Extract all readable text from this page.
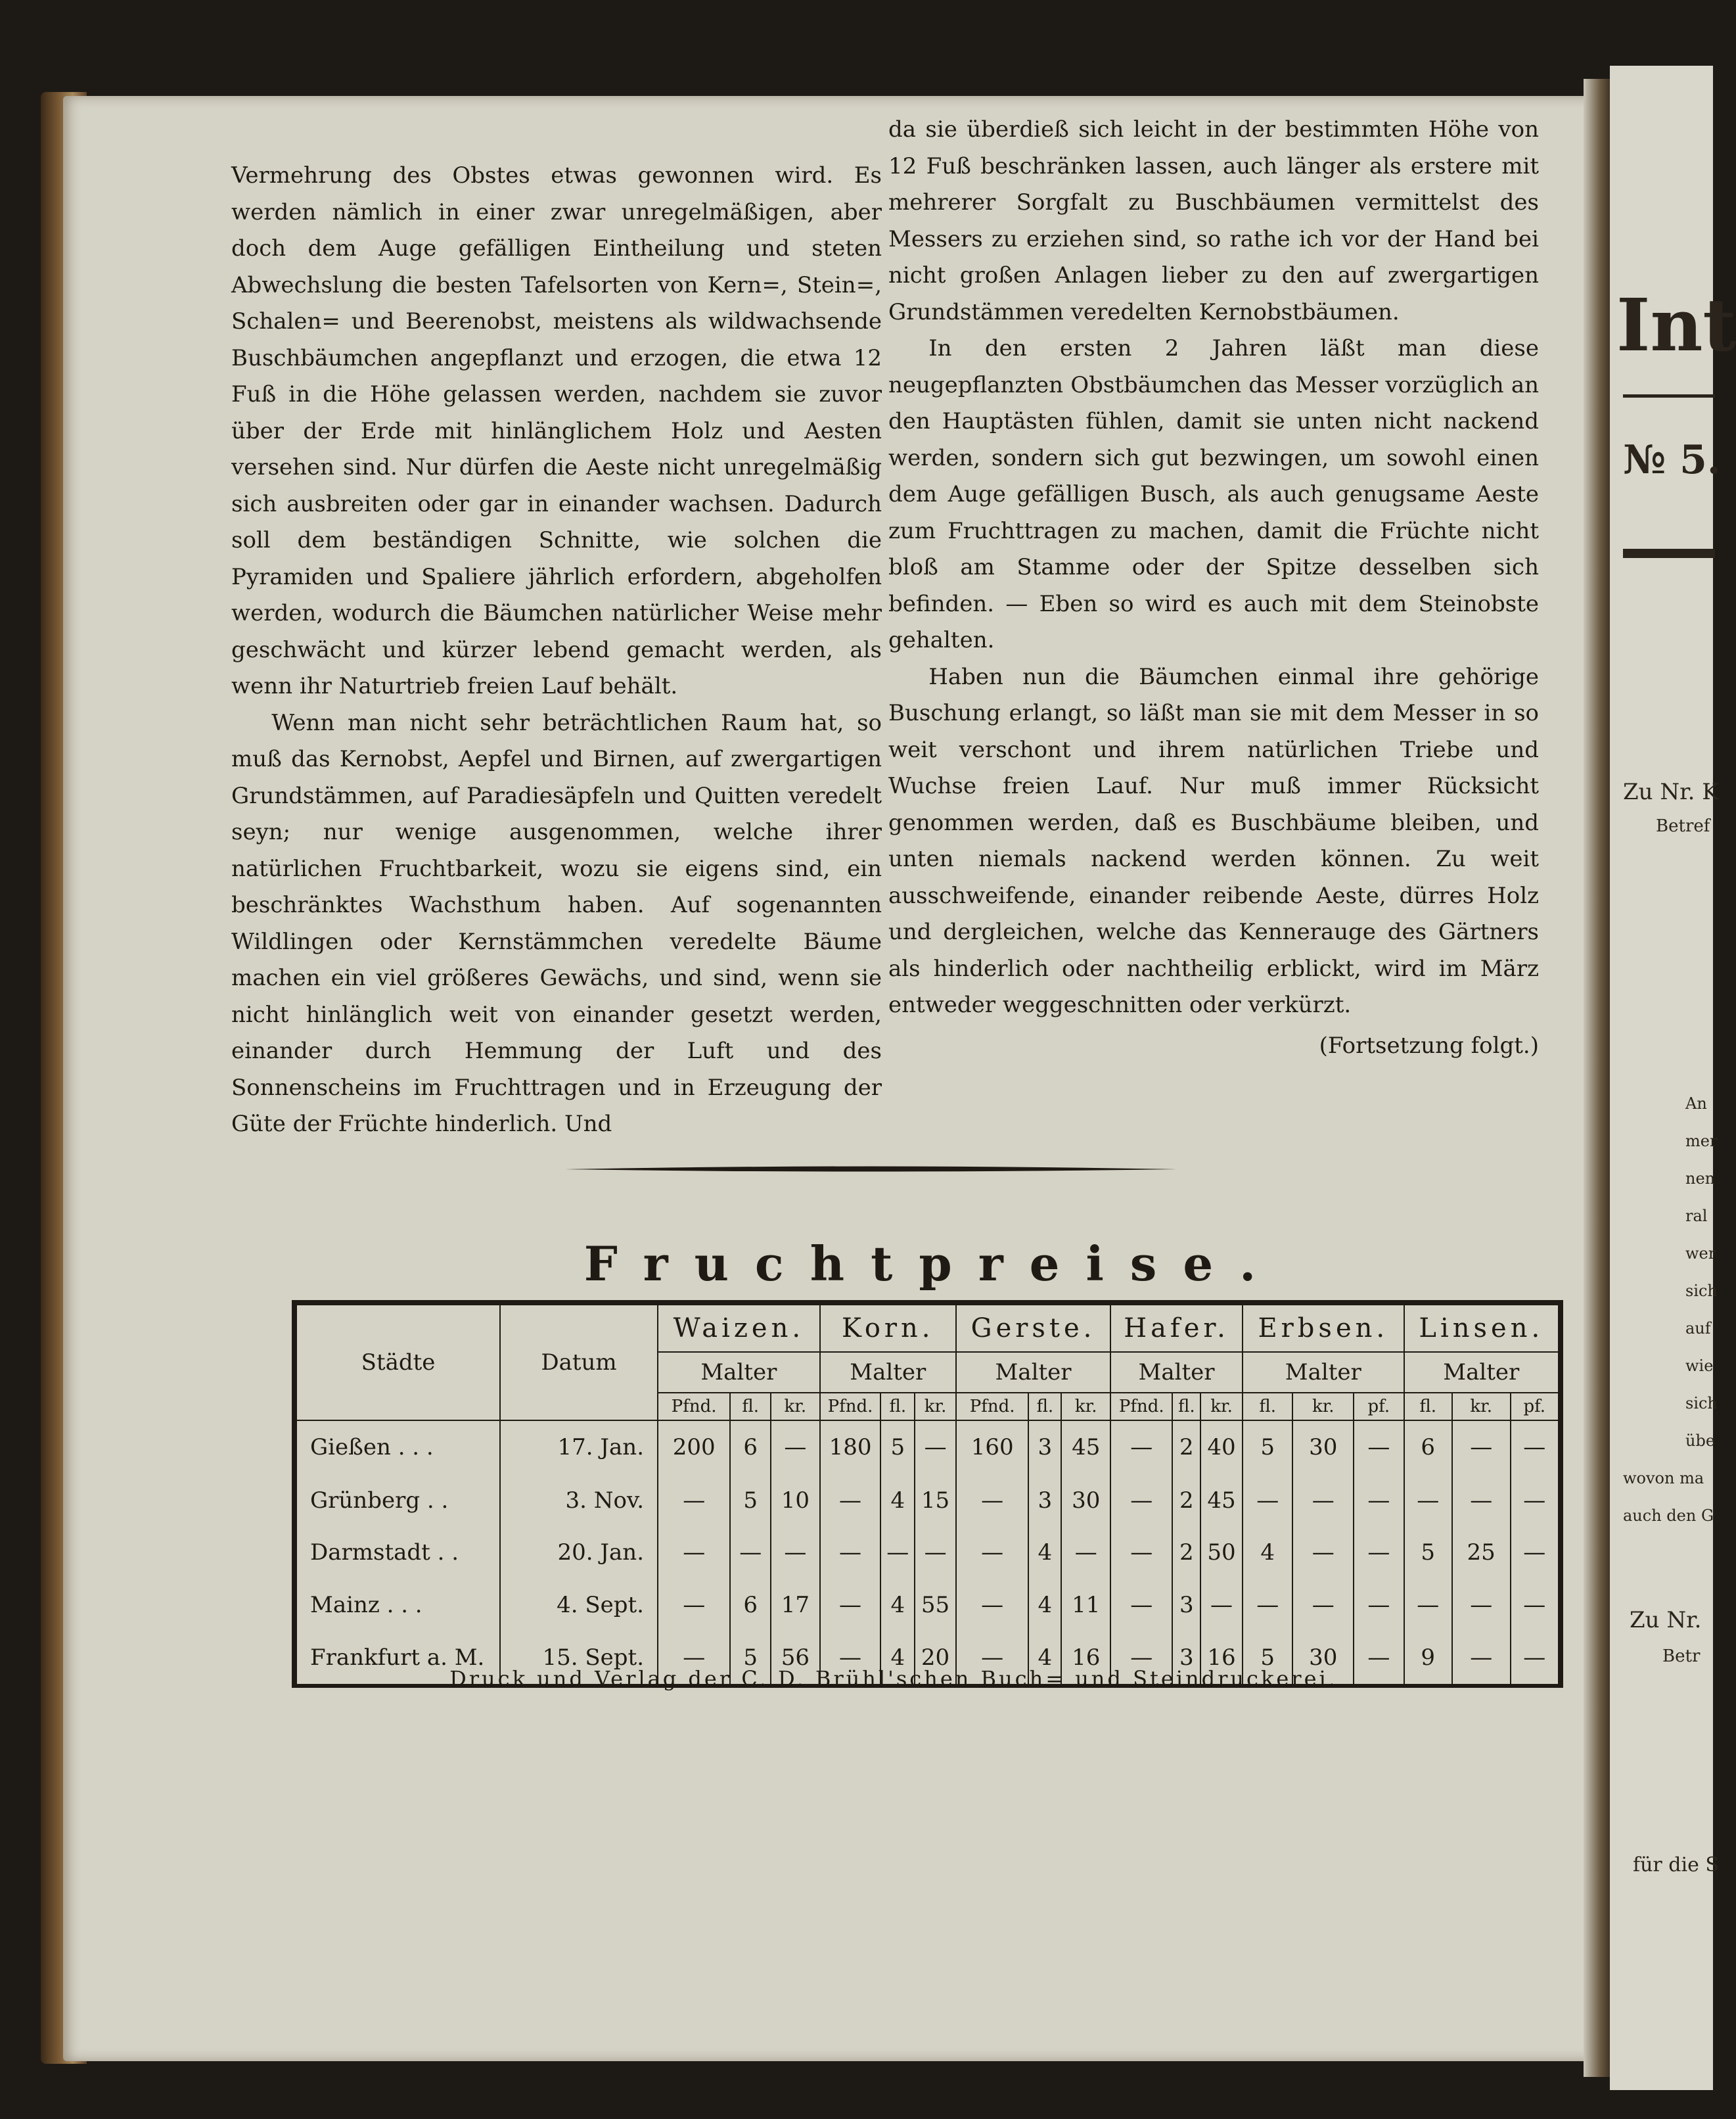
Vermehrung des Obstes etwas gewonnen wird. Es werden nämlich in einer zwar unregelmäßigen, aber doch dem Auge gefälligen Eintheilung und steten Abwechslung die besten Tafelsorten von Kern=, Stein=, Schalen= und Beerenobst, meistens als wildwachsende Buschbäumchen angepflanzt und erzogen, die etwa 12 Fuß in die Höhe gelassen werden, nachdem sie zuvor über der Erde mit hinlänglichem Holz und Aesten versehen sind. Nur dürfen die Aeste nicht unregelmäßig sich ausbreiten oder gar in einander wachsen. Dadurch soll dem beständigen Schnitte, wie solchen die Pyramiden und Spaliere jährlich erfordern, abgeholfen werden, wodurch die Bäumchen natürlicher Weise mehr geschwächt und kürzer lebend gemacht werden, als wenn ihr Naturtrieb freien Lauf behält.

Wenn man nicht sehr beträchtlichen Raum hat, so muß das Kernobst, Aepfel und Birnen, auf zwergartigen Grundstämmen, auf Paradiesäpfeln und Quitten veredelt seyn; nur wenige ausgenommen, welche ihrer natürlichen Fruchtbarkeit, wozu sie eigens sind, ein beschränktes Wachsthum haben. Auf sogenannten Wildlingen oder Kernstämmchen veredelte Bäume machen ein viel größeres Gewächs, und sind, wenn sie nicht hinlänglich weit von einander gesetzt werden, einander durch Hemmung der Luft und des Sonnenscheins im Fruchttragen und in Erzeugung der Güte der Früchte hinderlich. Und

da sie überdieß sich leicht in der bestimmten Höhe von 12 Fuß beschränken lassen, auch länger als erstere mit mehrerer Sorgfalt zu Buschbäumen vermittelst des Messers zu erziehen sind, so rathe ich vor der Hand bei nicht großen Anlagen lieber zu den auf zwergartigen Grundstämmen veredelten Kernobstbäumen.

In den ersten 2 Jahren läßt man diese neugepflanzten Obstbäumchen das Messer vorzüglich an den Hauptästen fühlen, damit sie unten nicht nackend werden, sondern sich gut bezwingen, um sowohl einen dem Auge gefälligen Busch, als auch genugsame Aeste zum Fruchttragen zu machen, damit die Früchte nicht bloß am Stamme oder der Spitze desselben sich befinden. — Eben so wird es auch mit dem Steinobste gehalten.

Haben nun die Bäumchen einmal ihre gehörige Buschung erlangt, so läßt man sie mit dem Messer in so weit verschont und ihrem natürlichen Triebe und Wuchse freien Lauf. Nur muß immer Rücksicht genommen werden, daß es Buschbäume bleiben, und unten niemals nackend werden können. Zu weit ausschweifende, einander reibende Aeste, dürres Holz und dergleichen, welche das Kennerauge des Gärtners als hinderlich oder nachtheilig erblickt, wird im März entweder weggeschnitten oder verkürzt.

(Fortsetzung folgt.)

Fruchtpreise.
Städte	Datum	Waizen.			Korn.			Gerste.			Hafer.			Erbsen.			Linsen.		
		Malter			Malter			Malter			Malter			Malter			Malter		
		Pfnd.	fl.	kr.	Pfnd.	fl.	kr.	Pfnd.	fl.	kr.	Pfnd.	fl.	kr.	fl.	kr.	pf.	fl.	kr.	pf.
Gießen . . .	17. Jan.	200	6	—	180	5	—	160	3	45	—	2	40	5	30	—	6	—	—
Grünberg . .	3. Nov.	—	5	10	—	4	15	—	3	30	—	2	45	—	—	—	—	—	—
Darmstadt . .	20. Jan.	—	—	—	—	—	—	—	4	—	—	2	50	4	—	—	5	25	—
Mainz . . .	4. Sept.	—	6	17	—	4	55	—	4	11	—	3	—	—	—	—	—	—	—
Frankfurt a. M.	15. Sept.	—	5	56	—	4	20	—	4	16	—	3	16	5	30	—	9	—	—
Druck und Verlag der C. D. Brühl'schen Buch= und Steindruckerei.
Int
№ 5.
Zu Nr. K
Betref
An
mer
nen
ral
wer
sich
auf
wie
sich
übe
wovon ma
auch den G
Zu Nr.
Betr
für die S
